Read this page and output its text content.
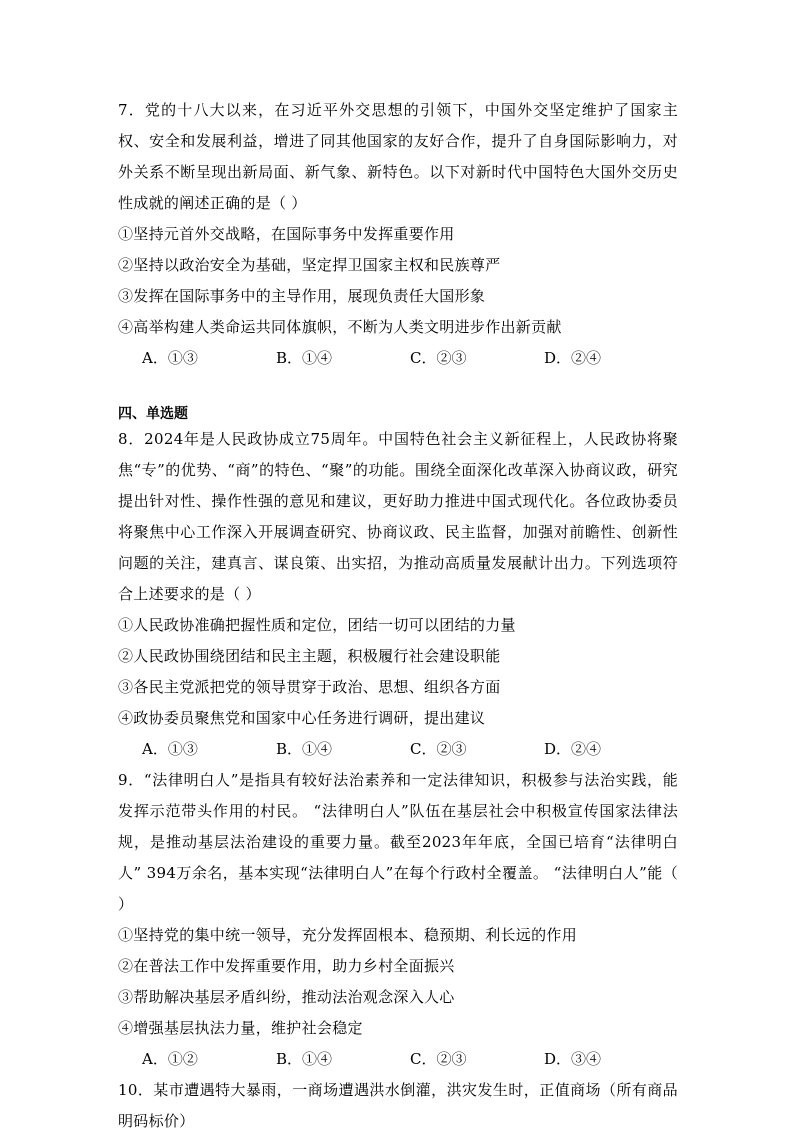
7．党的十八大以来，在习近平外交思想的引领下，中国外交坚定维护了国家主权、安全和发展利益，增进了同其他国家的友好合作，提升了自身国际影响力，对外关系不断呈现出新局面、新气象、新特色。以下对新时代中国特色大国外交历史性成就的阐述正确的是（ ）

①坚持元首外交战略，在国际事务中发挥重要作用

②坚持以政治安全为基础，坚定捍卫国家主权和民族尊严

③发挥在国际事务中的主导作用，展现负责任大国形象

④高举构建人类命运共同体旗帜，不断为人类文明进步作出新贡献

A．①③	B．①④	C．②③	D．②④
四、单选题

8．2024年是人民政协成立75周年。中国特色社会主义新征程上，人民政协将聚焦“专”的优势、“商”的特色、“聚”的功能。围绕全面深化改革深入协商议政，研究提出针对性、操作性强的意见和建议，更好助力推进中国式现代化。各位政协委员将聚焦中心工作深入开展调查研究、协商议政、民主监督，加强对前瞻性、创新性问题的关注，建真言、谋良策、出实招，为推动高质量发展献计出力。下列选项符合上述要求的是（ ）

①人民政协准确把握性质和定位，团结一切可以团结的力量

②人民政协围绕团结和民主主题，积极履行社会建设职能

③各民主党派把党的领导贯穿于政治、思想、组织各方面

④政协委员聚焦党和国家中心任务进行调研，提出建议

A．①③	B．①④	C．②③	D．②④

9．“法律明白人”是指具有较好法治素养和一定法律知识，积极参与法治实践，能发挥示范带头作用的村民。 “法律明白人”队伍在基层社会中积极宣传国家法律法规，是推动基层法治建设的重要力量。截至2023年年底，全国已培育“法律明白人” 394万余名，基本实现“法律明白人”在每个行政村全覆盖。 “法律明白人”能（ ）

①坚持党的集中统一领导，充分发挥固根本、稳预期、利长远的作用

②在普法工作中发挥重要作用，助力乡村全面振兴

③帮助解决基层矛盾纠纷，推动法治观念深入人心

④增强基层执法力量，维护社会稳定

A．①②	B．①④	C．②③	D．③④

10．某市遭遇特大暴雨，一商场遭遇洪水倒灌，洪灾发生时，正值商场（所有商品明码标价）
